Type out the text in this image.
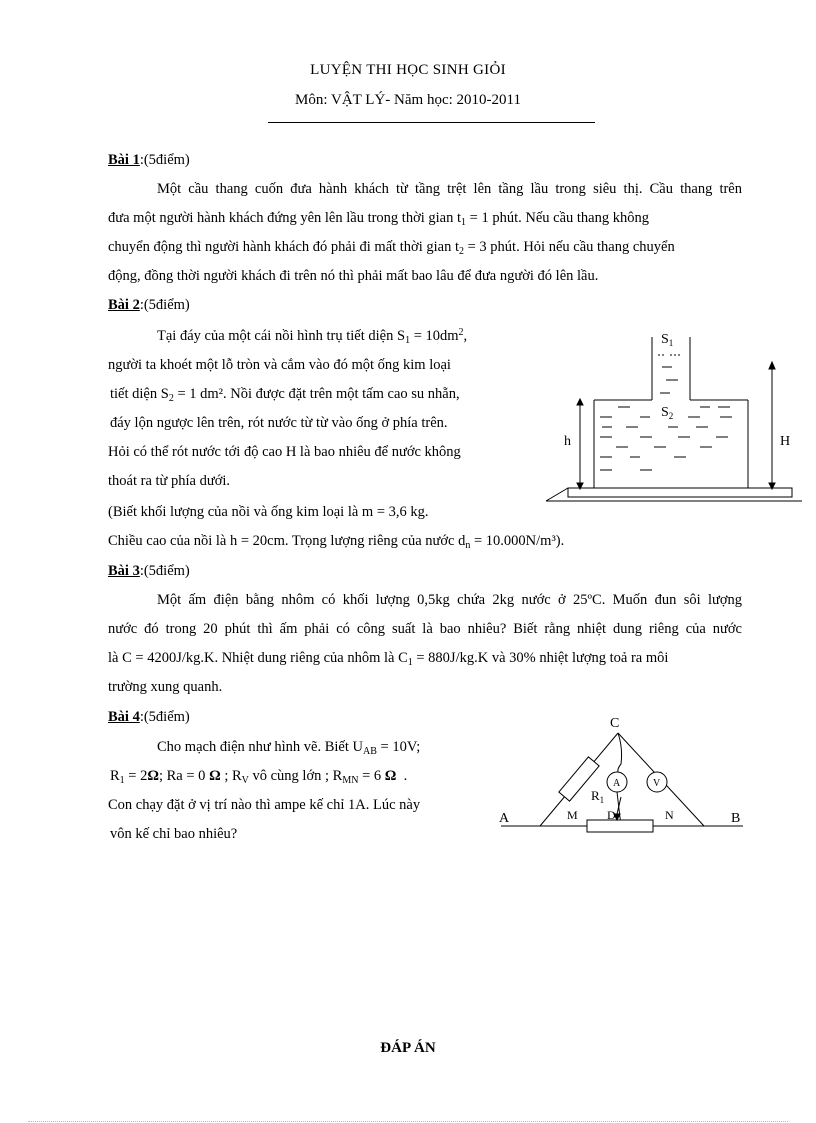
LUYỆN THI HỌC SINH GIỎI
Môn: VẬT LÝ- Năm học: 2010-2011
Bài 1:(5điểm)
Một cầu thang cuốn đưa hành khách từ tầng trệt lên tầng lầu trong siêu thị. Cầu thang trên
đưa một người hành khách đứng yên lên lầu trong thời gian $t_1 = 1$ phút. Nếu cầu thang không
chuyển động thì người hành khách đó phải đi mất thời gian $t_2 = 3$ phút. Hỏi nếu cầu thang chuyển
động, đồng thời người khách đi trên nó thì phải mất bao lâu để đưa người đó lên lầu.
Bài 2:(5điểm)
Tại đáy của một cái nồi hình trụ tiết diện $S_1 = 10dm^2$,
người ta khoét một lỗ tròn và cắm vào đó một ống kim loại
tiết diện $S_2 = 1$ dm². Nồi được đặt trên một tấm cao su nhẵn,
đáy lộn ngược lên trên, rót nước từ từ vào ống ở phía trên.
Hỏi có thể rót nước tới độ cao H là bao nhiêu để nước không
thoát ra từ phía dưới.
(Biết khối lượng của nồi và ống kim loại là m = 3,6 kg.
Chiều cao của nồi là h = 20cm. Trọng lượng riêng của nước $d_n = 10.000N/m^3$).
$S_1$
$S_2$
h	H
Bài 3:(5điểm)
Một ấm điện bằng nhôm có khối lượng 0,5kg chứa 2kg nước ở 25ºC. Muốn đun sôi lượng
nước đó trong 20 phút thì ấm phải có công suất là bao nhiêu? Biết rằng nhiệt dung riêng của nước
là C = 4200J/kg.K. Nhiệt dung riêng của nhôm là $C_1 = 880J/kg.K$ và 30% nhiệt lượng toả ra môi
trường xung quanh.
Bài 4:(5điểm)
Cho mạch điện như hình vẽ. Biết $U_{AB} = 10V$;
$R_1 = 2\Omega$; Ra = 0 Ω ; $R_V$ vô cùng lớn ; $R_{MN} = 6$ Ω .
Con chạy đặt ở vị trí nào thì ampe kế chỉ 1A. Lúc này
vôn kế chỉ bao nhiêu?
C
A	B
M D	N
$R_1$
A	V
ĐÁP ÁN
